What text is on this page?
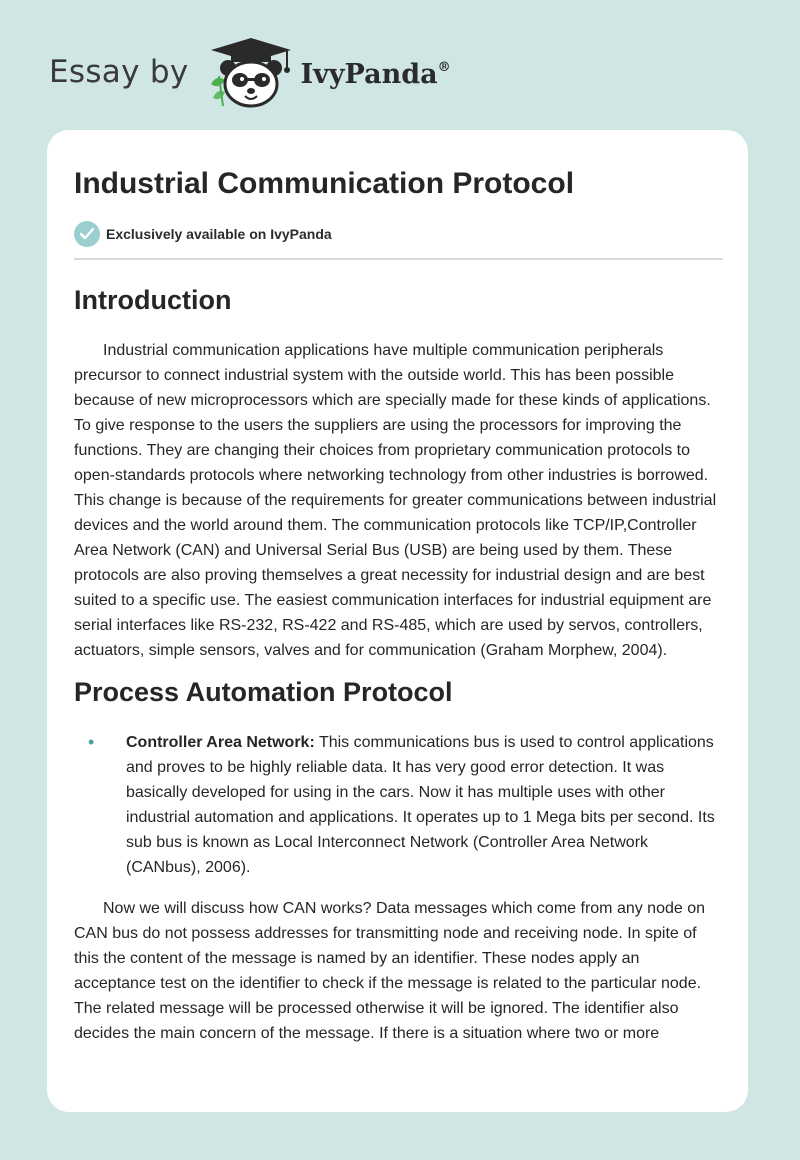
Essay by	IvyPanda®
Industrial Communication Protocol
Exclusively available on IvyPanda
Introduction

Industrial communication applications have multiple communication peripherals precursor to connect industrial system with the outside world. This has been possible because of new microprocessors which are specially made for these kinds of applications. To give response to the users the suppliers are using the processors for improving the functions. They are changing their choices from proprietary communication protocols to open-standards protocols where networking technology from other industries is borrowed. This change is because of the requirements for greater communications between industrial devices and the world around them. The communication protocols like TCP/IP,Controller Area Network (CAN) and Universal Serial Bus (USB) are being used by them. These protocols are also proving themselves a great necessity for industrial design and are best suited to a specific use. The easiest communication interfaces for industrial equipment are serial interfaces like RS-232, RS-422 and RS-485, which are used by servos, controllers, actuators, simple sensors, valves and for communication (Graham Morphew, 2004).

Process Automation Protocol
• Controller Area Network: This communications bus is used to control applications and proves to be highly reliable data. It has very good error detection. It was basically developed for using in the cars. Now it has multiple uses with other industrial automation and applications. It operates up to 1 Mega bits per second. Its sub bus is known as Local Interconnect Network (Controller Area Network (CANbus), 2006).

Now we will discuss how CAN works? Data messages which come from any node on CAN bus do not possess addresses for transmitting node and receiving node. In spite of this the content of the message is named by an identifier. These nodes apply an acceptance test on the identifier to check if the message is related to the particular node. The related message will be processed otherwise it will be ignored. The identifier also decides the main concern of the message. If there is a situation where two or more
